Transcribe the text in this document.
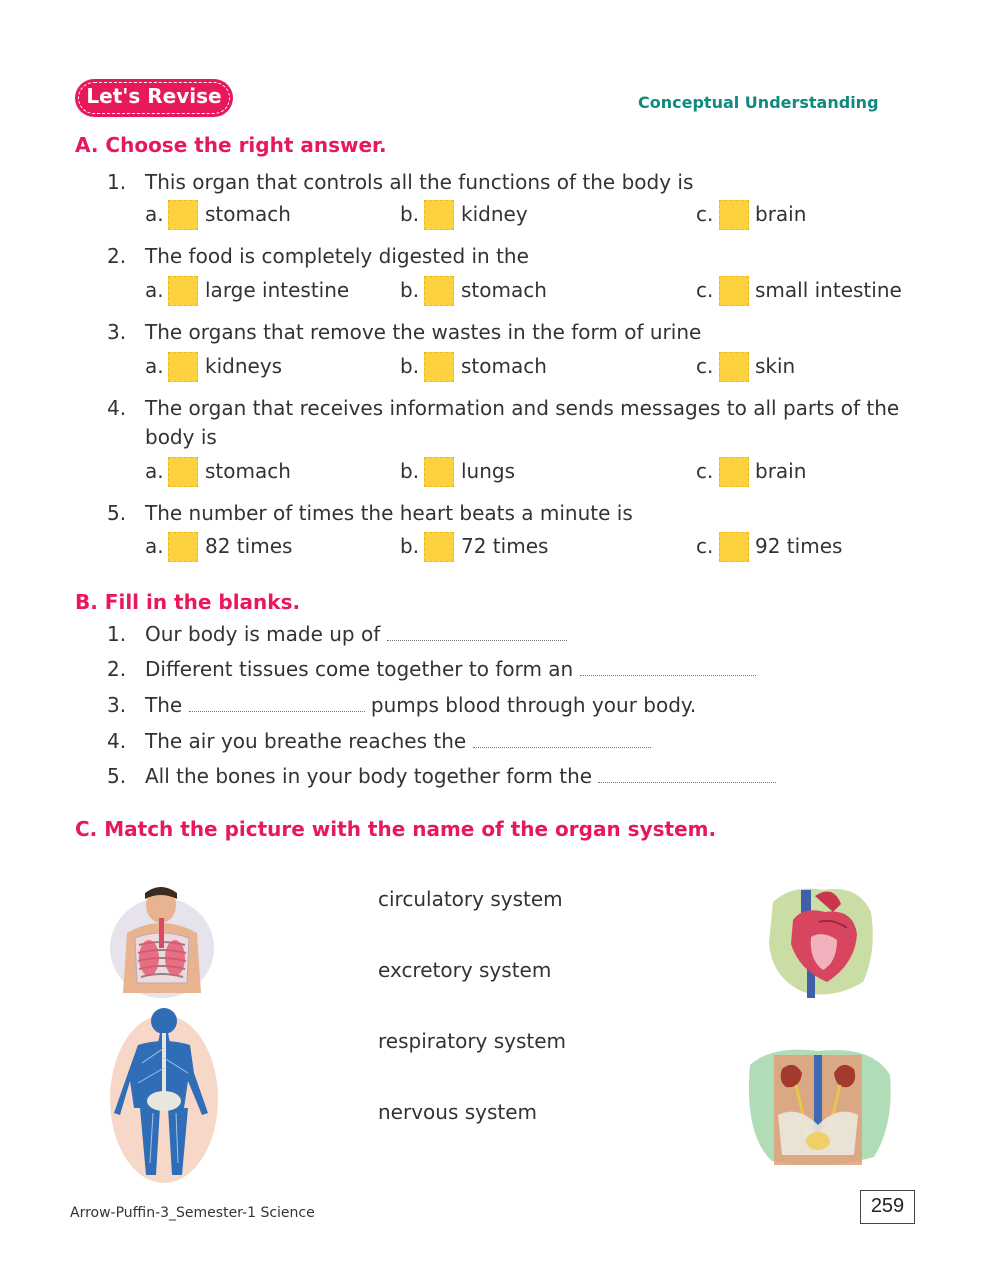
Let's Revise	Conceptual Understanding
A. Choose the right answer.
1. This organ that controls all the functions of the body is
a. stomach	b. kidney	c. brain
2. The food is completely digested in the
a. large intestine	b. stomach	c. small intestine
3. The organs that remove the wastes in the form of urine
a. kidneys	b. stomach	c. skin
4. The organ that receives information and sends messages to all parts of the
body is
a. stomach	b. lungs	c. brain
5. The number of times the heart beats a minute is
a. 82 times	b. 72 times	c. 92 times
B. Fill in the blanks.
1. Our body is made up of
2. Different tissues come together to form an
3. The	pumps blood through your body.
4. The air you breathe reaches the
5. All the bones in your body together form the
C. Match the picture with the name of the organ system.
circulatory system
excretory system
respiratory system
nervous system
Arrow-Puffin-3_Semester-1 Science	259
